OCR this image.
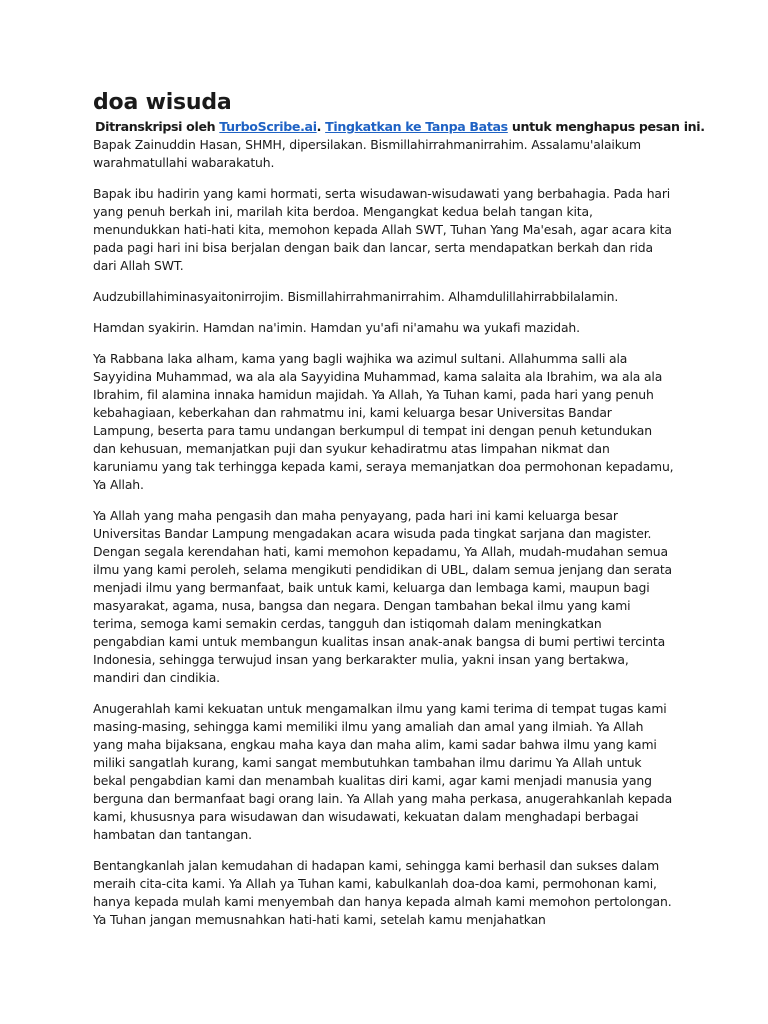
doa wisuda

Ditranskripsi oleh TurboScribe.ai. Tingkatkan ke Tanpa Batas untuk menghapus pesan ini.

Bapak Zainuddin Hasan, SHMH, dipersilakan. Bismillahirrahmanirrahim. Assalamu'alaikum warahmatullahi wabarakatuh.

Bapak ibu hadirin yang kami hormati, serta wisudawan-wisudawati yang berbahagia. Pada hari yang penuh berkah ini, marilah kita berdoa. Mengangkat kedua belah tangan kita, menundukkan hati-hati kita, memohon kepada Allah SWT, Tuhan Yang Ma'esah, agar acara kita pada pagi hari ini bisa berjalan dengan baik dan lancar, serta mendapatkan berkah dan rida dari Allah SWT.

Audzubillahiminasyaitonirrojim. Bismillahirrahmanirrahim. Alhamdulillahirrabbilalamin.

Hamdan syakirin. Hamdan na'imin. Hamdan yu'afi ni'amahu wa yukafi mazidah.

Ya Rabbana laka alham, kama yang bagli wajhika wa azimul sultani. Allahumma salli ala Sayyidina Muhammad, wa ala ala Sayyidina Muhammad, kama salaita ala Ibrahim, wa ala ala Ibrahim, fil alamina innaka hamidun majidah. Ya Allah, Ya Tuhan kami, pada hari yang penuh kebahagiaan, keberkahan dan rahmatmu ini, kami keluarga besar Universitas Bandar Lampung, beserta para tamu undangan berkumpul di tempat ini dengan penuh ketundukan dan kehusuan, memanjatkan puji dan syukur kehadiratmu atas limpahan nikmat dan karuniamu yang tak terhingga kepada kami, seraya memanjatkan doa permohonan kepadamu, Ya Allah.

Ya Allah yang maha pengasih dan maha penyayang, pada hari ini kami keluarga besar Universitas Bandar Lampung mengadakan acara wisuda pada tingkat sarjana dan magister. Dengan segala kerendahan hati, kami memohon kepadamu, Ya Allah, mudah-mudahan semua ilmu yang kami peroleh, selama mengikuti pendidikan di UBL, dalam semua jenjang dan serata menjadi ilmu yang bermanfaat, baik untuk kami, keluarga dan lembaga kami, maupun bagi masyarakat, agama, nusa, bangsa dan negara. Dengan tambahan bekal ilmu yang kami terima, semoga kami semakin cerdas, tangguh dan istiqomah dalam meningkatkan pengabdian kami untuk membangun kualitas insan anak-anak bangsa di bumi pertiwi tercinta Indonesia, sehingga terwujud insan yang berkarakter mulia, yakni insan yang bertakwa, mandiri dan cindikia.

Anugerahlah kami kekuatan untuk mengamalkan ilmu yang kami terima di tempat tugas kami masing-masing, sehingga kami memiliki ilmu yang amaliah dan amal yang ilmiah. Ya Allah yang maha bijaksana, engkau maha kaya dan maha alim, kami sadar bahwa ilmu yang kami miliki sangatlah kurang, kami sangat membutuhkan tambahan ilmu darimu Ya Allah untuk bekal pengabdian kami dan menambah kualitas diri kami, agar kami menjadi manusia yang berguna dan bermanfaat bagi orang lain. Ya Allah yang maha perkasa, anugerahkanlah kepada kami, khususnya para wisudawan dan wisudawati, kekuatan dalam menghadapi berbagai hambatan dan tantangan.

Bentangkanlah jalan kemudahan di hadapan kami, sehingga kami berhasil dan sukses dalam meraih cita-cita kami. Ya Allah ya Tuhan kami, kabulkanlah doa-doa kami, permohonan kami, hanya kepada mulah kami menyembah dan hanya kepada almah kami memohon pertolongan. Ya Tuhan jangan memusnahkan hati-hati kami, setelah kamu menjahatkan
